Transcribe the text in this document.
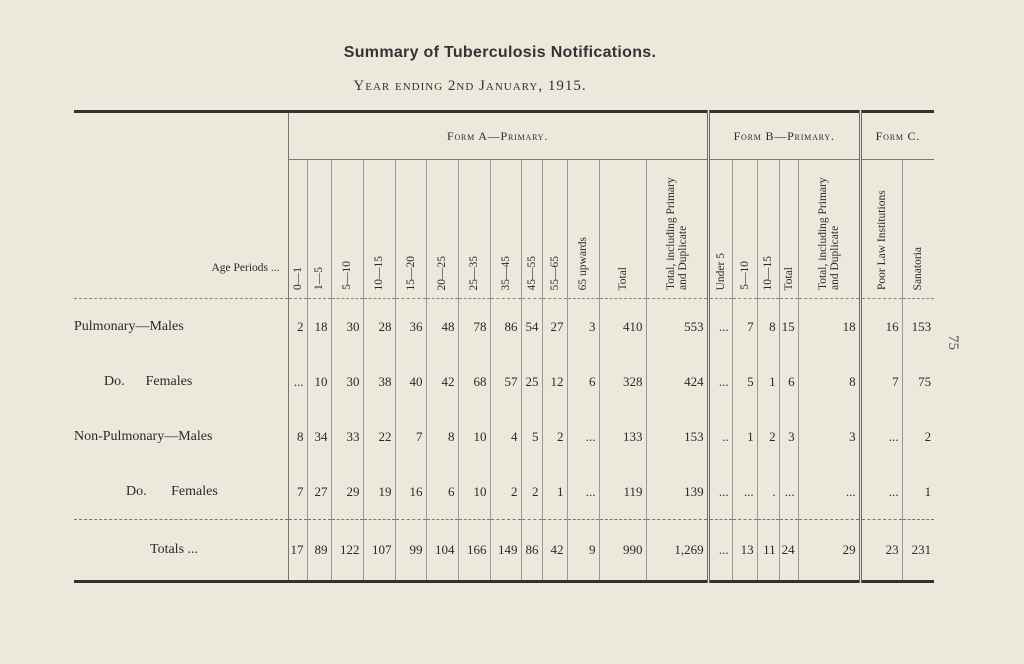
Summary of Tuberculosis Notifications.
Year ending 2nd January, 1915.
75
Age Periods ...	Form A—Primary.													Form B—Primary.					Form C.	

	0—1	1—5	5—10	10—15	15—20	20—25	25—35	35—45	45—55	55—65	65 upwards	Total	Total, including Primary and Duplicate	Under 5	5—10	10—15	Total	Total, including Primary and Duplicate	Poor Law Institutions	Sanatoria

Pulmonary—Males	2	18	30	28	36	48	78	86	54	27	3	410	553	...	7	8	15	18	16	153
Do.      Females	...	10	30	38	40	42	68	57	25	12	6	328	424	...	5	1	6	8	7	75
Non-Pulmonary—Males	8	34	33	22	7	8	10	4	5	2	...	133	153	..	1	2	3	3	...	2
Do.       Females	7	27	29	19	16	6	10	2	2	1	...	119	139	...	...	.	...	...	...	1
Totals ...	17	89	122	107	99	104	166	149	86	42	9	990	1,269	...	13	11	24	29	23	231
